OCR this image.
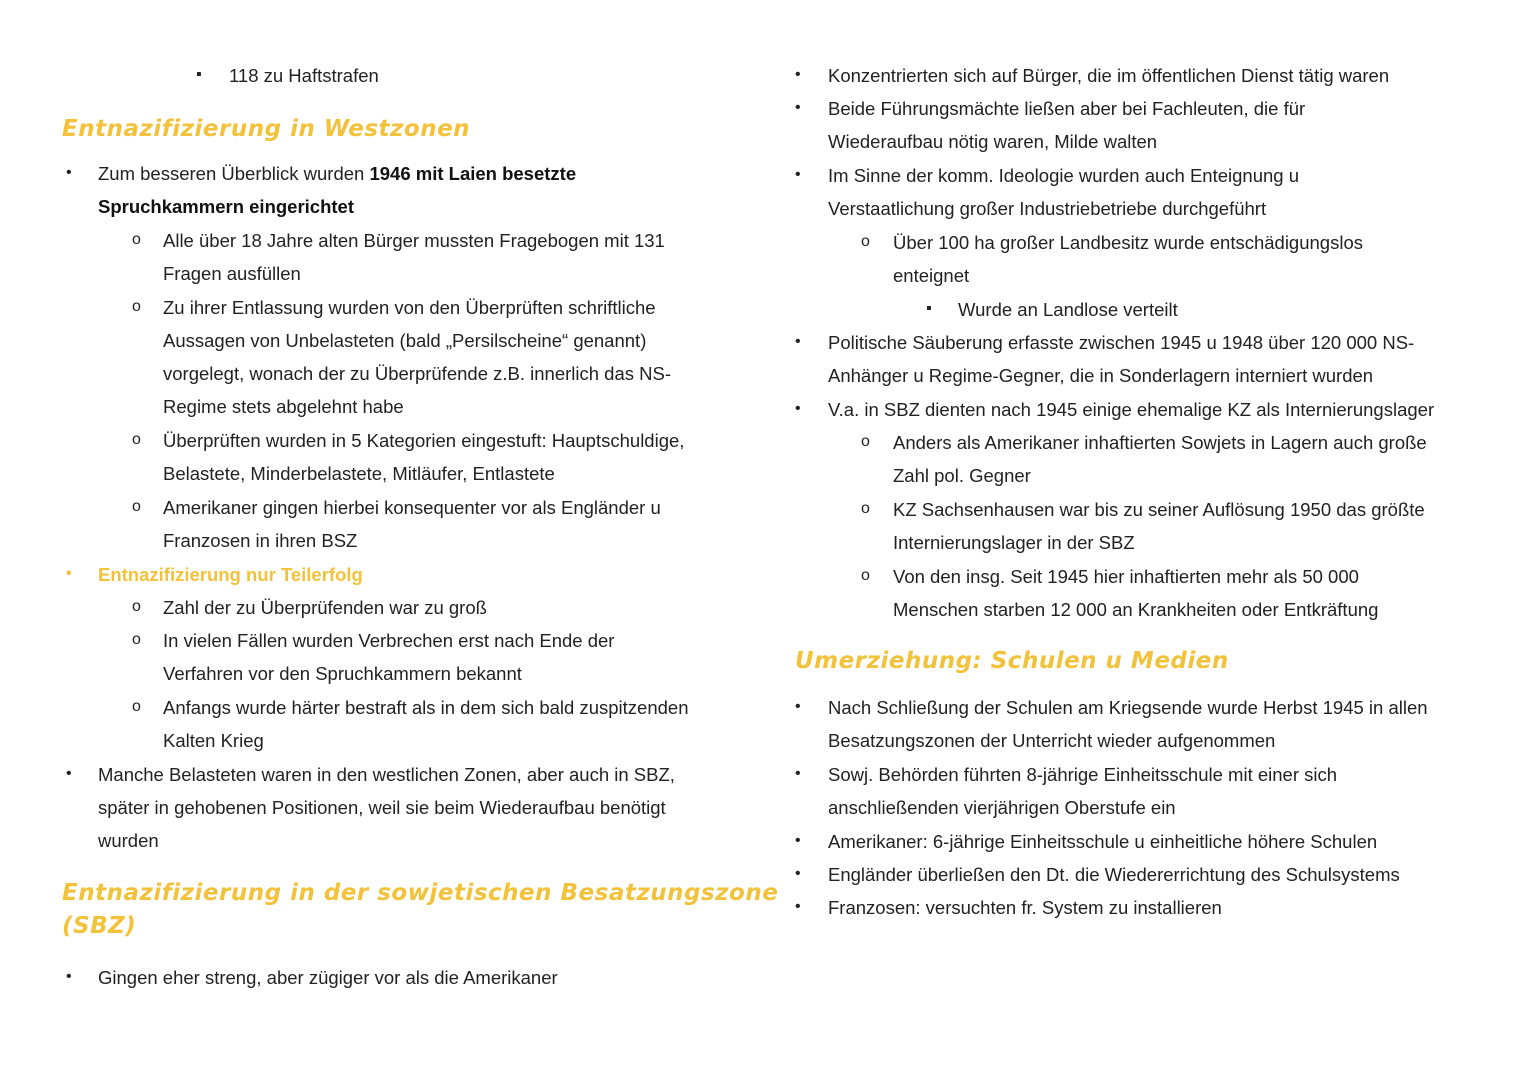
▪ 118 zu Haftstrafen
Entnazifizierung in Westzonen
• Zum besseren Überblick wurden 1946 mit Laien besetzte
Spruchkammern eingerichtet
o Alle über 18 Jahre alten Bürger mussten Fragebogen mit 131
Fragen ausfüllen
o Zu ihrer Entlassung wurden von den Überprüften schriftliche
Aussagen von Unbelasteten (bald „Persilscheine“ genannt)
vorgelegt, wonach der zu Überprüfende z.B. innerlich das NS-
Regime stets abgelehnt habe
o Überprüften wurden in 5 Kategorien eingestuft: Hauptschuldige,
Belastete, Minderbelastete, Mitläufer, Entlastete
o Amerikaner gingen hierbei konsequenter vor als Engländer u
Franzosen in ihren BSZ
• Entnazifizierung nur Teilerfolg
o Zahl der zu Überprüfenden war zu groß
o In vielen Fällen wurden Verbrechen erst nach Ende der
Verfahren vor den Spruchkammern bekannt
o Anfangs wurde härter bestraft als in dem sich bald zuspitzenden
Kalten Krieg
• Manche Belasteten waren in den westlichen Zonen, aber auch in SBZ,
später in gehobenen Positionen, weil sie beim Wiederaufbau benötigt
wurden
Entnazifizierung in der sowjetischen Besatzungszone
(SBZ)
• Gingen eher streng, aber zügiger vor als die Amerikaner
• Konzentrierten sich auf Bürger, die im öffentlichen Dienst tätig waren
• Beide Führungsmächte ließen aber bei Fachleuten, die für
Wiederaufbau nötig waren, Milde walten
• Im Sinne der komm. Ideologie wurden auch Enteignung u
Verstaatlichung großer Industriebetriebe durchgeführt
o Über 100 ha großer Landbesitz wurde entschädigungslos
enteignet
▪ Wurde an Landlose verteilt
• Politische Säuberung erfasste zwischen 1945 u 1948 über 120 000 NS-
Anhänger u Regime-Gegner, die in Sonderlagern interniert wurden
• V.a. in SBZ dienten nach 1945 einige ehemalige KZ als Internierungslager
o Anders als Amerikaner inhaftierten Sowjets in Lagern auch große
Zahl pol. Gegner
o KZ Sachsenhausen war bis zu seiner Auflösung 1950 das größte
Internierungslager in der SBZ
o Von den insg. Seit 1945 hier inhaftierten mehr als 50 000
Menschen starben 12 000 an Krankheiten oder Entkräftung
Umerziehung: Schulen u Medien
• Nach Schließung der Schulen am Kriegsende wurde Herbst 1945 in allen
Besatzungszonen der Unterricht wieder aufgenommen
• Sowj. Behörden führten 8-jährige Einheitsschule mit einer sich
anschließenden vierjährigen Oberstufe ein
• Amerikaner: 6-jährige Einheitsschule u einheitliche höhere Schulen
• Engländer überließen den Dt. die Wiedererrichtung des Schulsystems
• Franzosen: versuchten fr. System zu installieren
